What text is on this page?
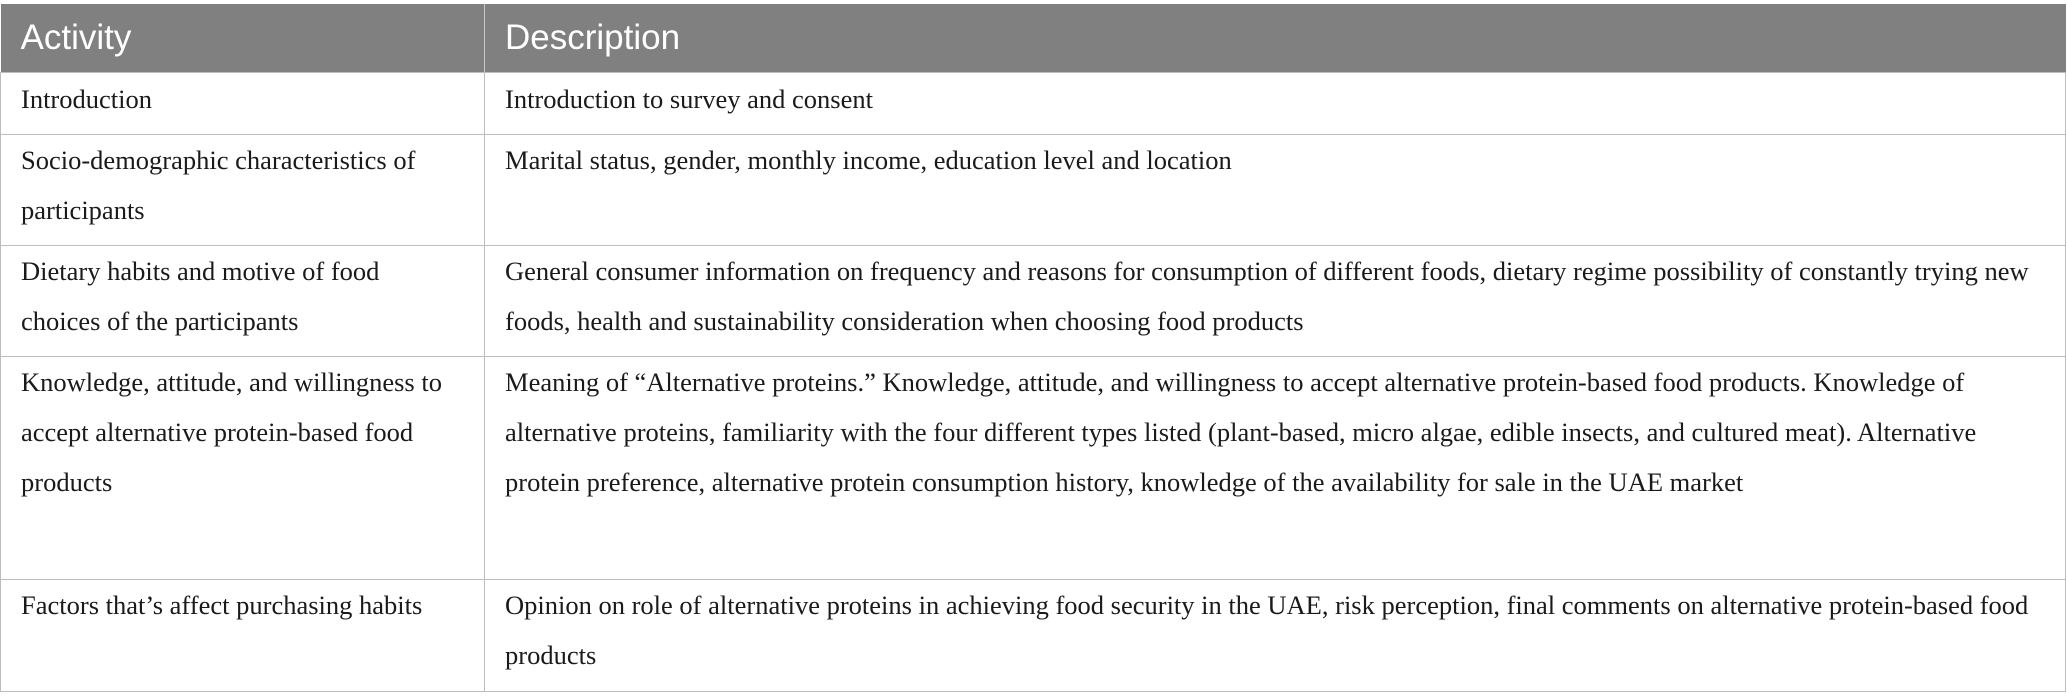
Activity	Description
Introduction	Introduction to survey and consent
Socio-demographic characteristics of participants	Marital status, gender, monthly income, education level and location
Dietary habits and motive of food choices of the participants	General consumer information on frequency and reasons for consumption of different foods, dietary regime possibility of constantly trying new foods, health and sustainability consideration when choosing food products
Knowledge, attitude, and willingness to accept alternative protein-based food products	Meaning of “Alternative proteins.” Knowledge, attitude, and willingness to accept alternative protein-based food products. Knowledge of alternative proteins, familiarity with the four different types listed (plant-based, micro algae, edible insects, and cultured meat). Alternative protein preference, alternative protein consumption history, knowledge of the availability for sale in the UAE market
Factors that’s affect purchasing habits	Opinion on role of alternative proteins in achieving food security in the UAE, risk perception, final comments on alternative protein-based food products
